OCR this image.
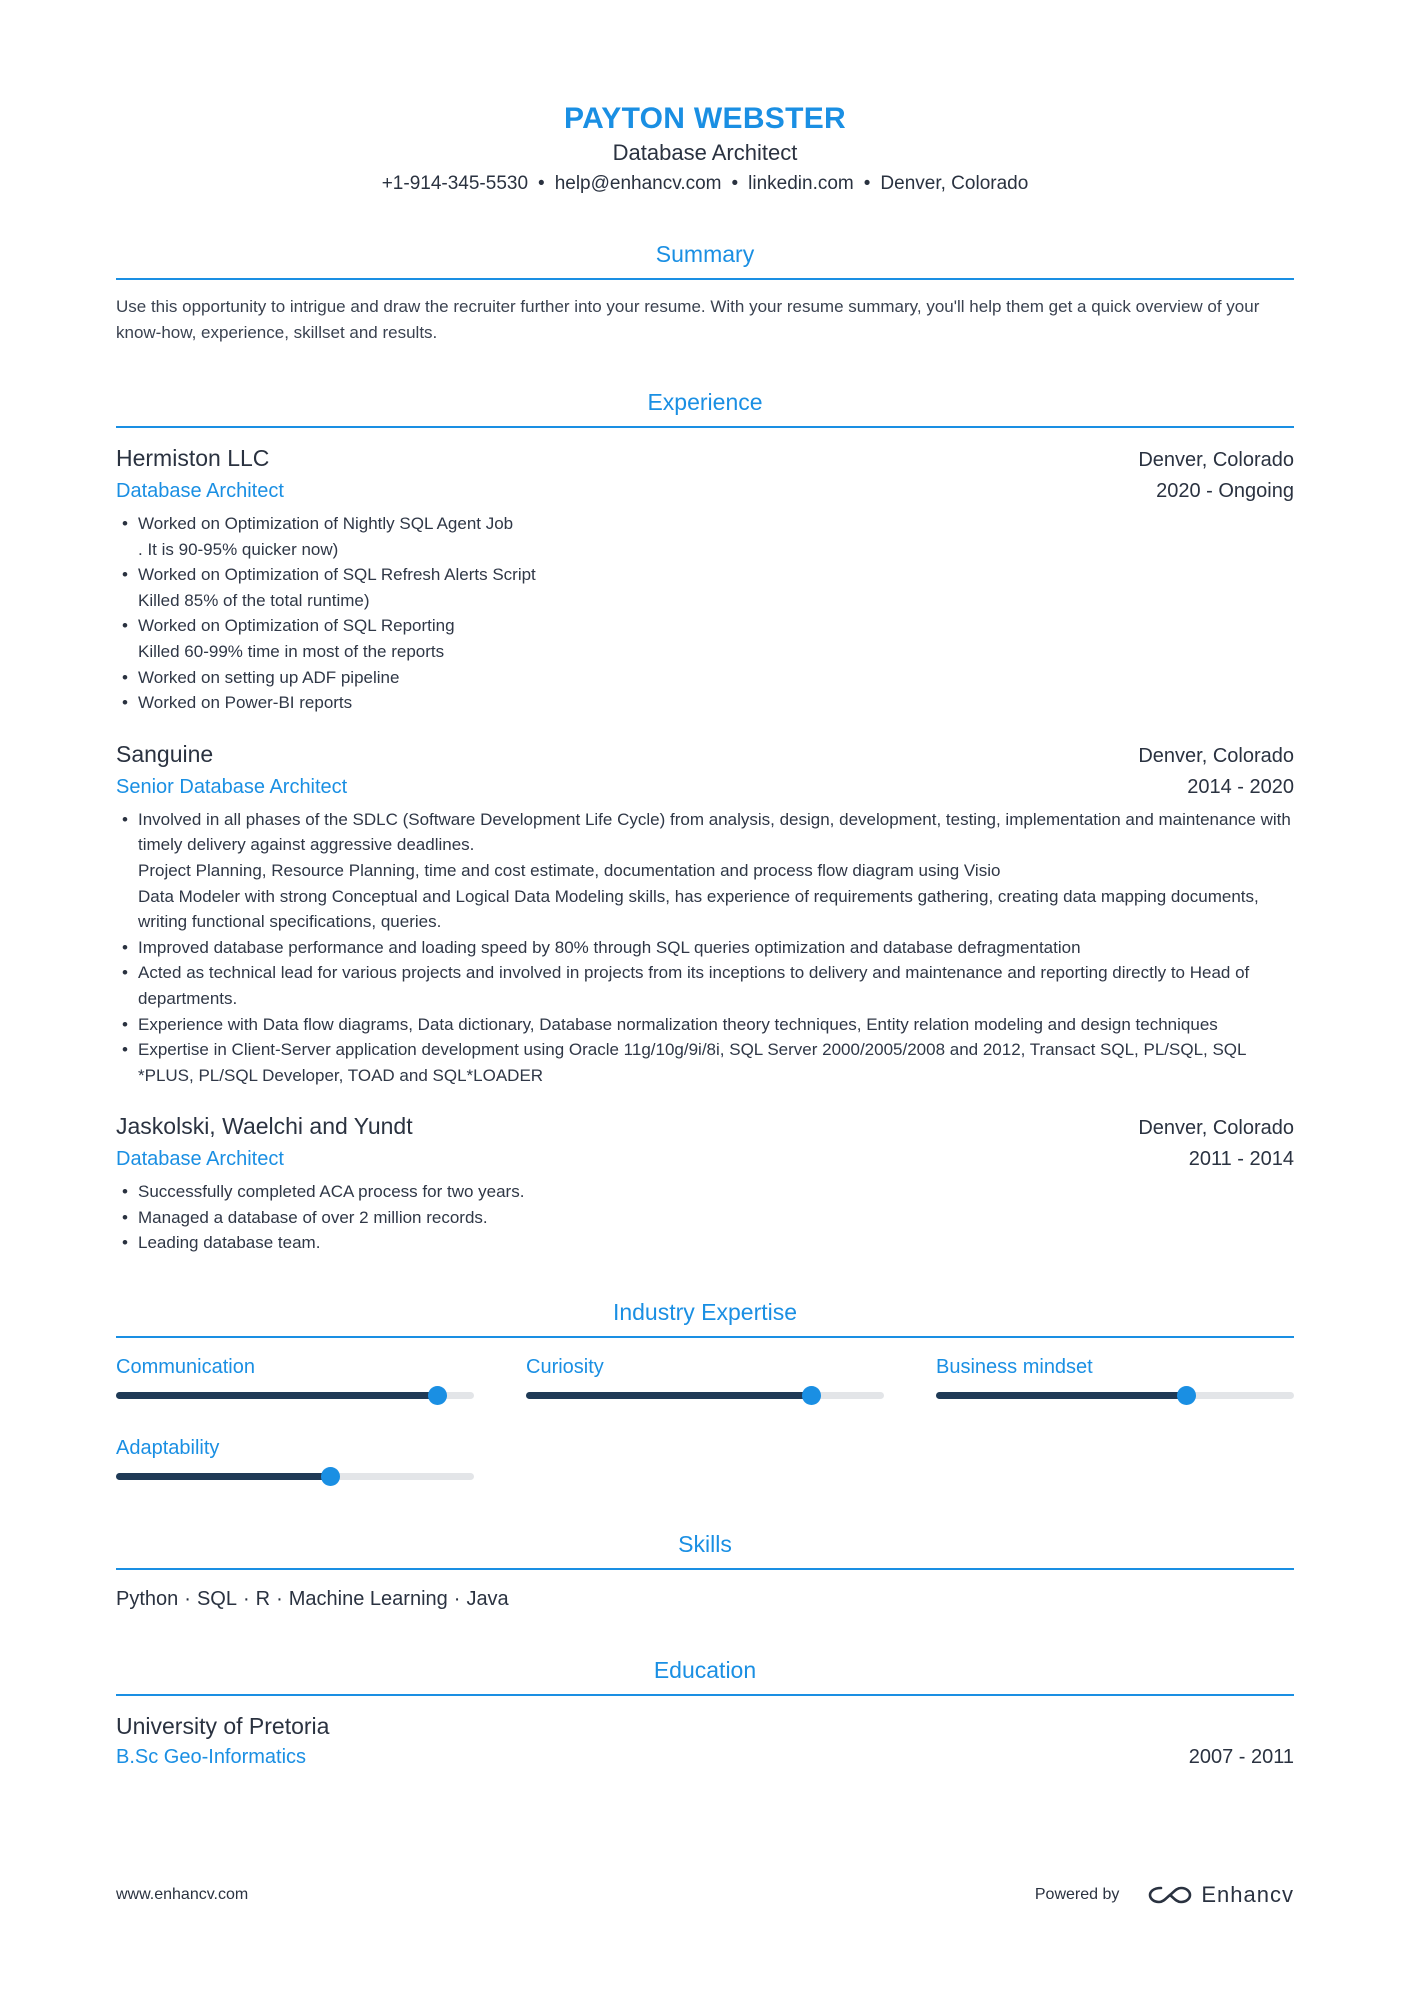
PAYTON WEBSTER
Database Architect
+1-914-345-5530 • help@enhancv.com • linkedin.com • Denver, Colorado
Summary
Use this opportunity to intrigue and draw the recruiter further into your resume. With your resume summary, you'll help them get a quick overview of your know-how, experience, skillset and results.
Experience
Hermiston LLC	Denver, Colorado
Database Architect	2020 - Ongoing
• Worked on Optimization of Nightly SQL Agent Job
. It is 90-95% quicker now)
• Worked on Optimization of SQL Refresh Alerts Script
Killed 85% of the total runtime)
• Worked on Optimization of SQL Reporting
Killed 60-99% time in most of the reports
• Worked on setting up ADF pipeline
• Worked on Power-BI reports
Sanguine	Denver, Colorado
Senior Database Architect	2014 - 2020
• Involved in all phases of the SDLC (Software Development Life Cycle) from analysis, design, development, testing, implementation and maintenance with timely delivery against aggressive deadlines.
Project Planning, Resource Planning, time and cost estimate, documentation and process flow diagram using Visio
Data Modeler with strong Conceptual and Logical Data Modeling skills, has experience of requirements gathering, creating data mapping documents, writing functional specifications, queries.
• Improved database performance and loading speed by 80% through SQL queries optimization and database defragmentation
• Acted as technical lead for various projects and involved in projects from its inceptions to delivery and maintenance and reporting directly to Head of departments.
• Experience with Data flow diagrams, Data dictionary, Database normalization theory techniques, Entity relation modeling and design techniques
• Expertise in Client-Server application development using Oracle 11g/10g/9i/8i, SQL Server 2000/2005/2008 and 2012, Transact SQL, PL/SQL, SQL *PLUS, PL/SQL Developer, TOAD and SQL*LOADER
Jaskolski, Waelchi and Yundt	Denver, Colorado
Database Architect	2011 - 2014
• Successfully completed ACA process for two years.
• Managed a database of over 2 million records.
• Leading database team.
Industry Expertise
Communication	Curiosity	Business mindset
Adaptability
Skills
Python · SQL · R · Machine Learning · Java
Education
University of Pretoria
B.Sc Geo-Informatics	2007 - 2011
www.enhancv.com	Powered by	Enhancv
